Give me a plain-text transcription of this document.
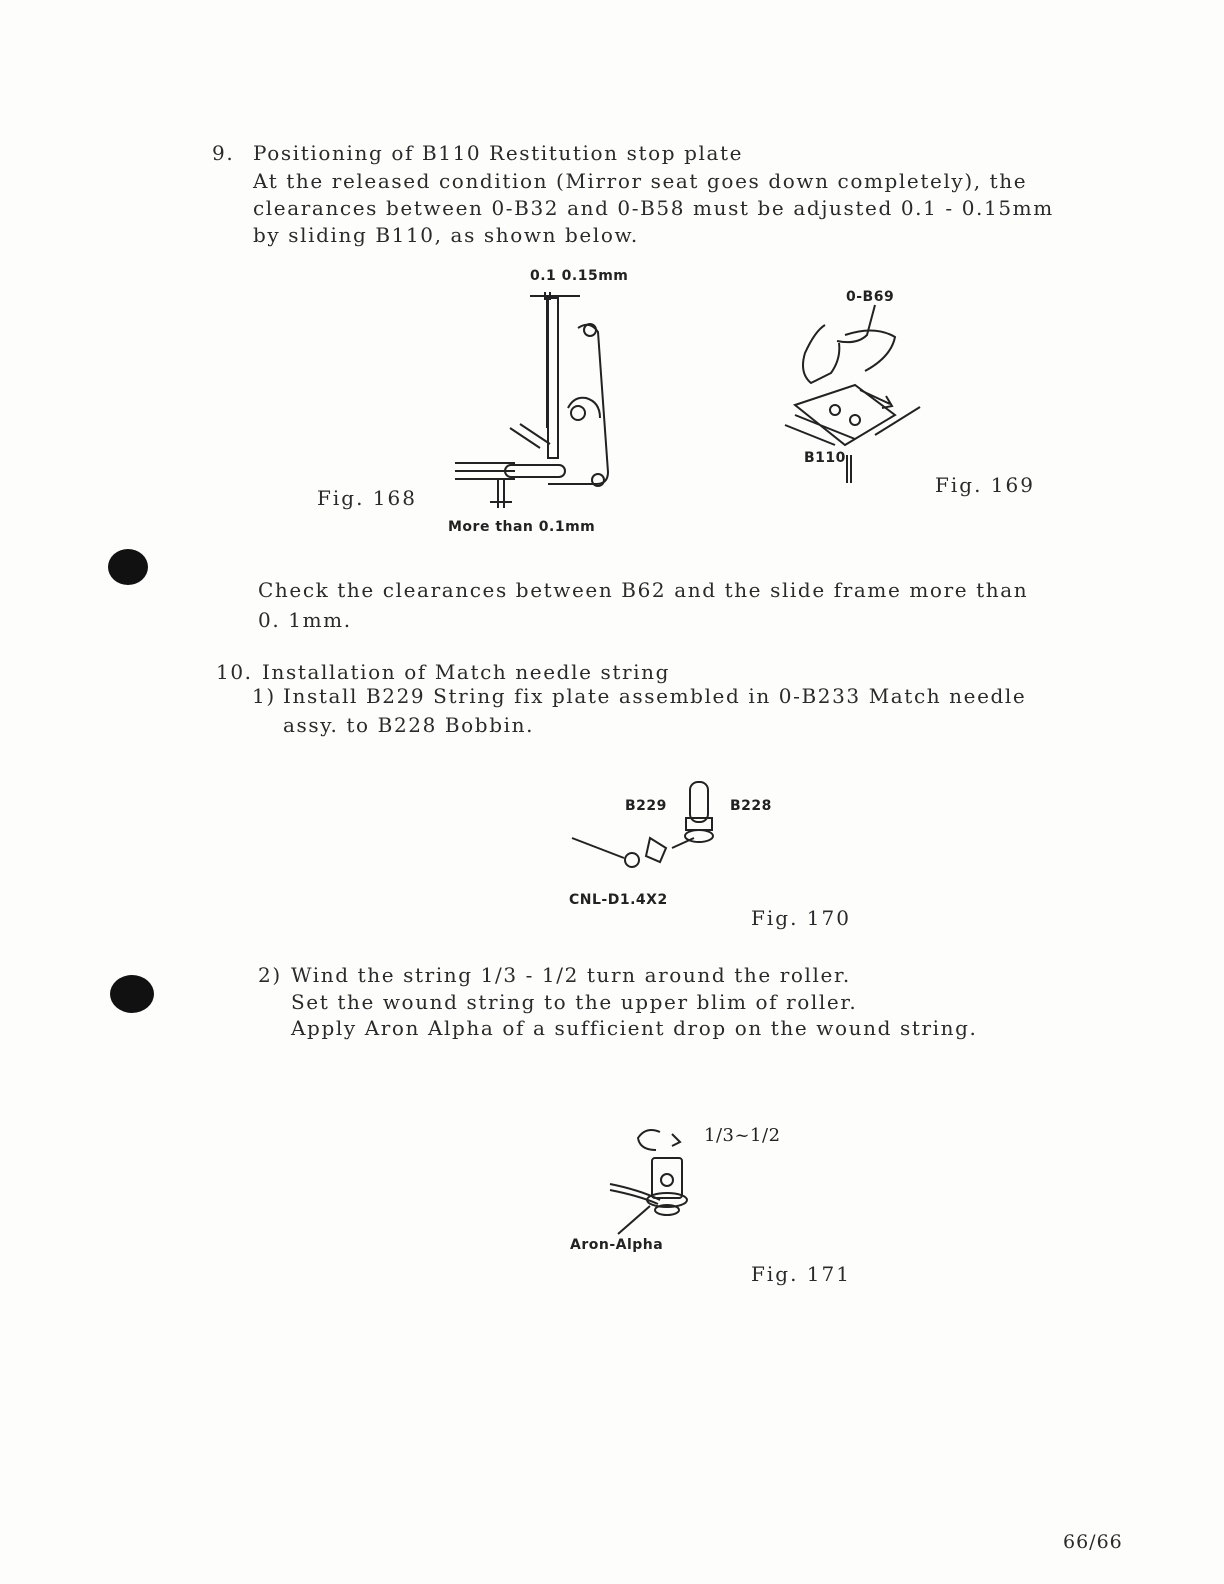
9. Positioning of B110 Restitution stop plate
At the released condition (Mirror seat goes down completely), the
clearances between 0-B32 and 0-B58 must be adjusted 0.1 - 0.15mm
by sliding B110, as shown below.
0.1 0.15mm
More than 0.1mm
Fig. 168
0-B69
B110
Fig. 169
Check the clearances between B62 and the slide frame more than
0. 1mm.
10. Installation of Match needle string
1) Install B229 String fix plate assembled in 0-B233 Match needle
assy. to B228 Bobbin.
B229	B228
CNL-D1.4X2
Fig. 170
2) Wind the string 1/3 - 1/2 turn around the roller.
Set the wound string to the upper blim of roller.
Apply Aron Alpha of a sufficient drop on the wound string.
1/3~1/2
Aron-Alpha
Fig. 171
66/66
